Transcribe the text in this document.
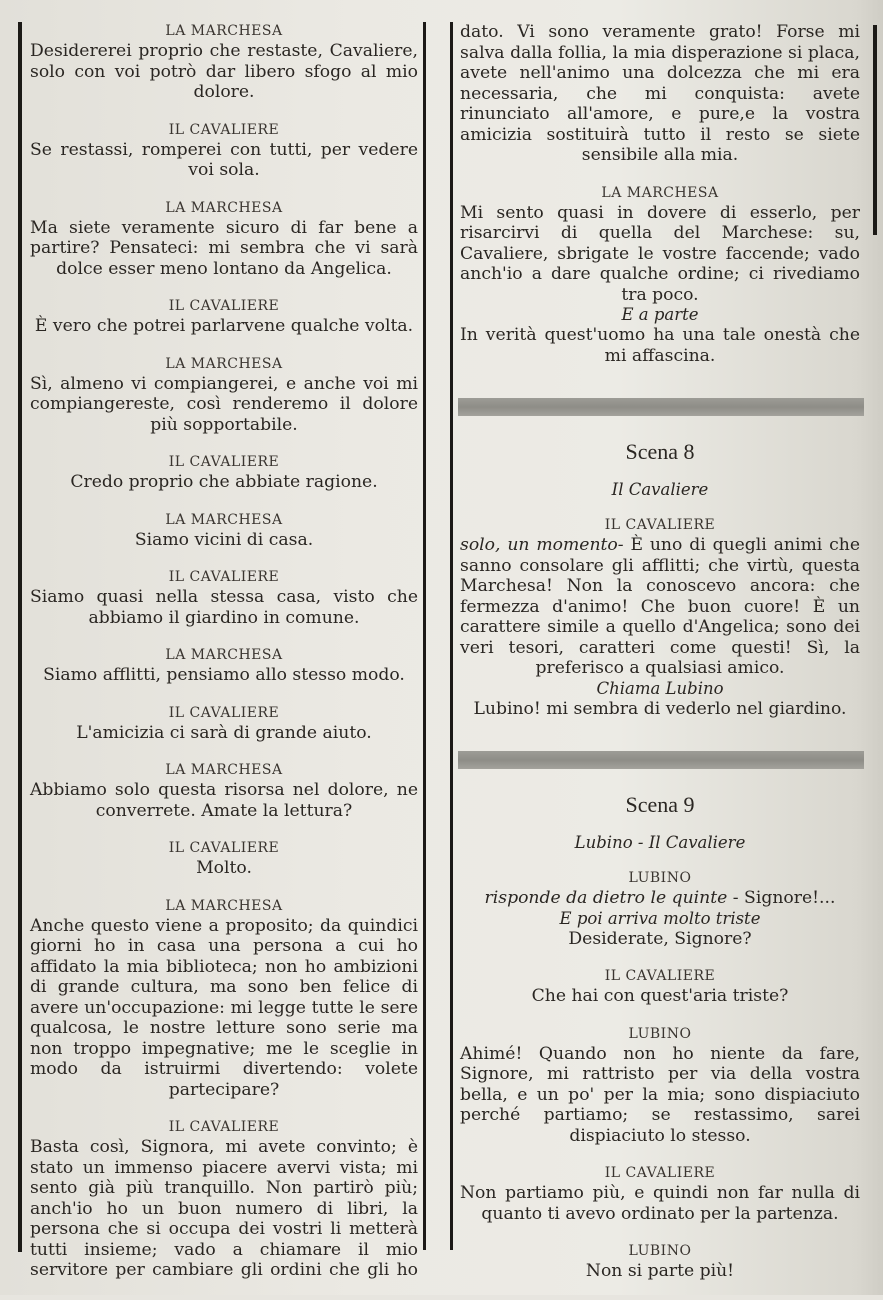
LA MARCHESA

Desidererei proprio che restaste, Cavaliere, solo con voi potrò dar libero sfogo al mio dolore.

IL CAVALIERE

Se restassi, romperei con tutti, per vedere voi sola.

LA MARCHESA

Ma siete veramente sicuro di far bene a partire? Pensateci: mi sembra che vi sarà dolce esser meno lontano da Angelica.

IL CAVALIERE

È vero che potrei parlarvene qualche volta.

LA MARCHESA

Sì, almeno vi compiangerei, e anche voi mi compiangereste, così renderemo il dolore più sopportabile.

IL CAVALIERE

Credo proprio che abbiate ragione.

LA MARCHESA

Siamo vicini di casa.

IL CAVALIERE

Siamo quasi nella stessa casa, visto che abbiamo il giardino in comune.

LA MARCHESA

Siamo afflitti, pensiamo allo stesso modo.

IL CAVALIERE

L'amicizia ci sarà di grande aiuto.

LA MARCHESA

Abbiamo solo questa risorsa nel dolore, ne converrete. Amate la lettura?

IL CAVALIERE

Molto.

LA MARCHESA

Anche questo viene a proposito; da quindici giorni ho in casa una persona a cui ho affidato la mia biblioteca; non ho ambizioni di grande cultura, ma sono ben felice di avere un'occupazione: mi legge tutte le sere qualcosa, le nostre letture sono serie ma non troppo impegnative; me le sceglie in modo da istruirmi divertendo: volete partecipare?

IL CAVALIERE

Basta così, Signora, mi avete convinto; è stato un immenso piacere avervi vista; mi sento già più tranquillo. Non partirò più; anch'io ho un buon numero di libri, la persona che si occupa dei vostri li metterà tutti insieme; vado a chiamare il mio servitore per cambiare gli ordini che gli ho

dato. Vi sono veramente grato! Forse mi salva dalla follia, la mia disperazione si placa, avete nell'animo una dolcezza che mi era necessaria, che mi conquista: avete rinunciato all'amore, e pure,e la vostra amicizia sostituirà tutto il resto se siete sensibile alla mia.

LA MARCHESA

Mi sento quasi in dovere di esserlo, per risarcirvi di quella del Marchese: su, Cavaliere, sbrigate le vostre faccende; vado anch'io a dare qualche ordine; ci rivediamo tra poco.

E a parte

In verità quest'uomo ha una tale onestà che mi affascina.

Scena 8

Il Cavaliere

IL CAVALIERE

solo, un momento- È uno di quegli animi che sanno consolare gli afflitti; che virtù, questa Marchesa! Non la conoscevo ancora: che fermezza d'animo! Che buon cuore! È un carattere simile a quello d'Angelica; sono dei veri tesori, caratteri come questi! Sì, la preferisco a qualsiasi amico.

Chiama Lubino

Lubino! mi sembra di vederlo nel giardino.

Scena 9

Lubino - Il Cavaliere

LUBINO

risponde da dietro le quinte - Signore!...

E poi arriva molto triste

Desiderate, Signore?

IL CAVALIERE

Che hai con quest'aria triste?

LUBINO

Ahimé! Quando non ho niente da fare, Signore, mi rattristo per via della vostra bella, e un po' per la mia; sono dispiaciuto perché partiamo; se restassimo, sarei dispiaciuto lo stesso.

IL CAVALIERE

Non partiamo più, e quindi non far nulla di quanto ti avevo ordinato per la partenza.

LUBINO

Non si parte più!
